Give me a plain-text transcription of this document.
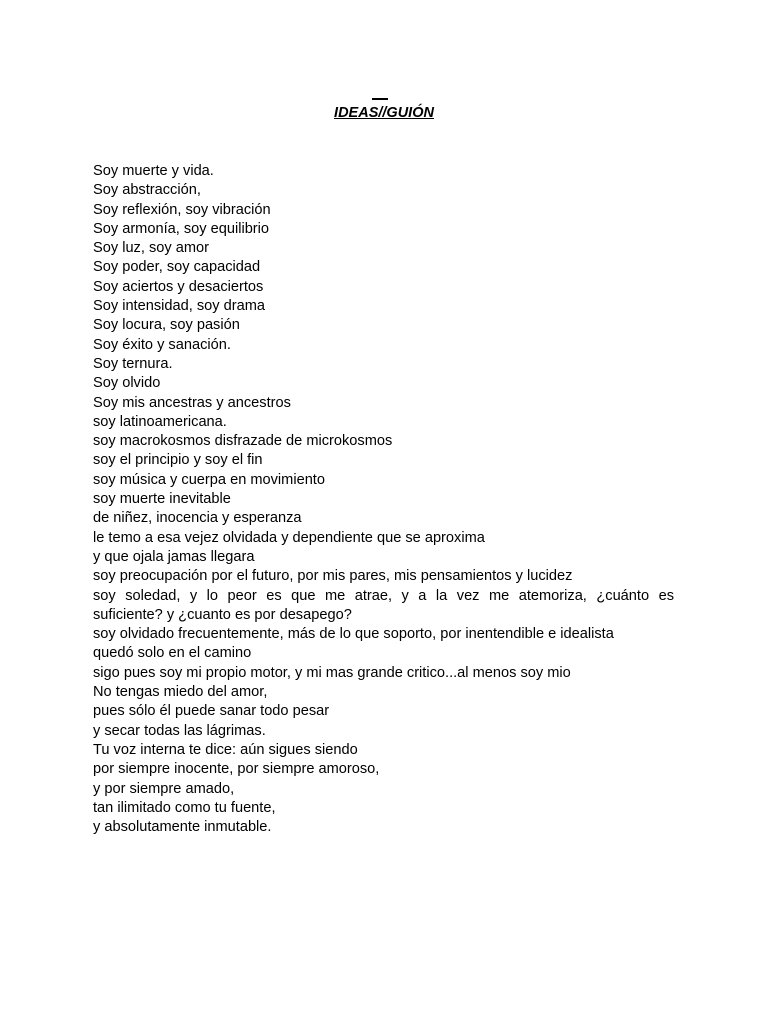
IDEAS//GUIÓN
Soy muerte y vida.
Soy abstracción,
Soy reflexión, soy vibración
Soy armonía, soy equilibrio
Soy luz, soy amor
Soy poder, soy capacidad
Soy aciertos y desaciertos
Soy intensidad, soy drama
Soy locura, soy pasión
Soy éxito y sanación.
Soy ternura.
Soy olvido
Soy mis ancestras y ancestros
soy latinoamericana.
soy macrokosmos disfrazade de microkosmos
soy el principio y soy el fin
soy música y cuerpa en movimiento
soy muerte inevitable
de niñez, inocencia y esperanza
le temo a esa vejez olvidada y dependiente que se aproxima
y que ojala jamas llegara
soy preocupación por el futuro, por mis pares, mis pensamientos y lucidez
soy soledad, y lo peor es que me atrae, y a la vez me atemoriza, ¿cuánto es
suficiente? y ¿cuanto es por desapego?
soy olvidado frecuentemente, más de lo que soporto, por inentendible e idealista
quedó solo en el camino
sigo pues soy mi propio motor, y mi mas grande critico...al menos soy mio
No tengas miedo del amor,
pues sólo él puede sanar todo pesar
y secar todas las lágrimas.
Tu voz interna te dice: aún sigues siendo
por siempre inocente, por siempre amoroso,
y por siempre amado,
tan ilimitado como tu fuente,
y absolutamente inmutable.
